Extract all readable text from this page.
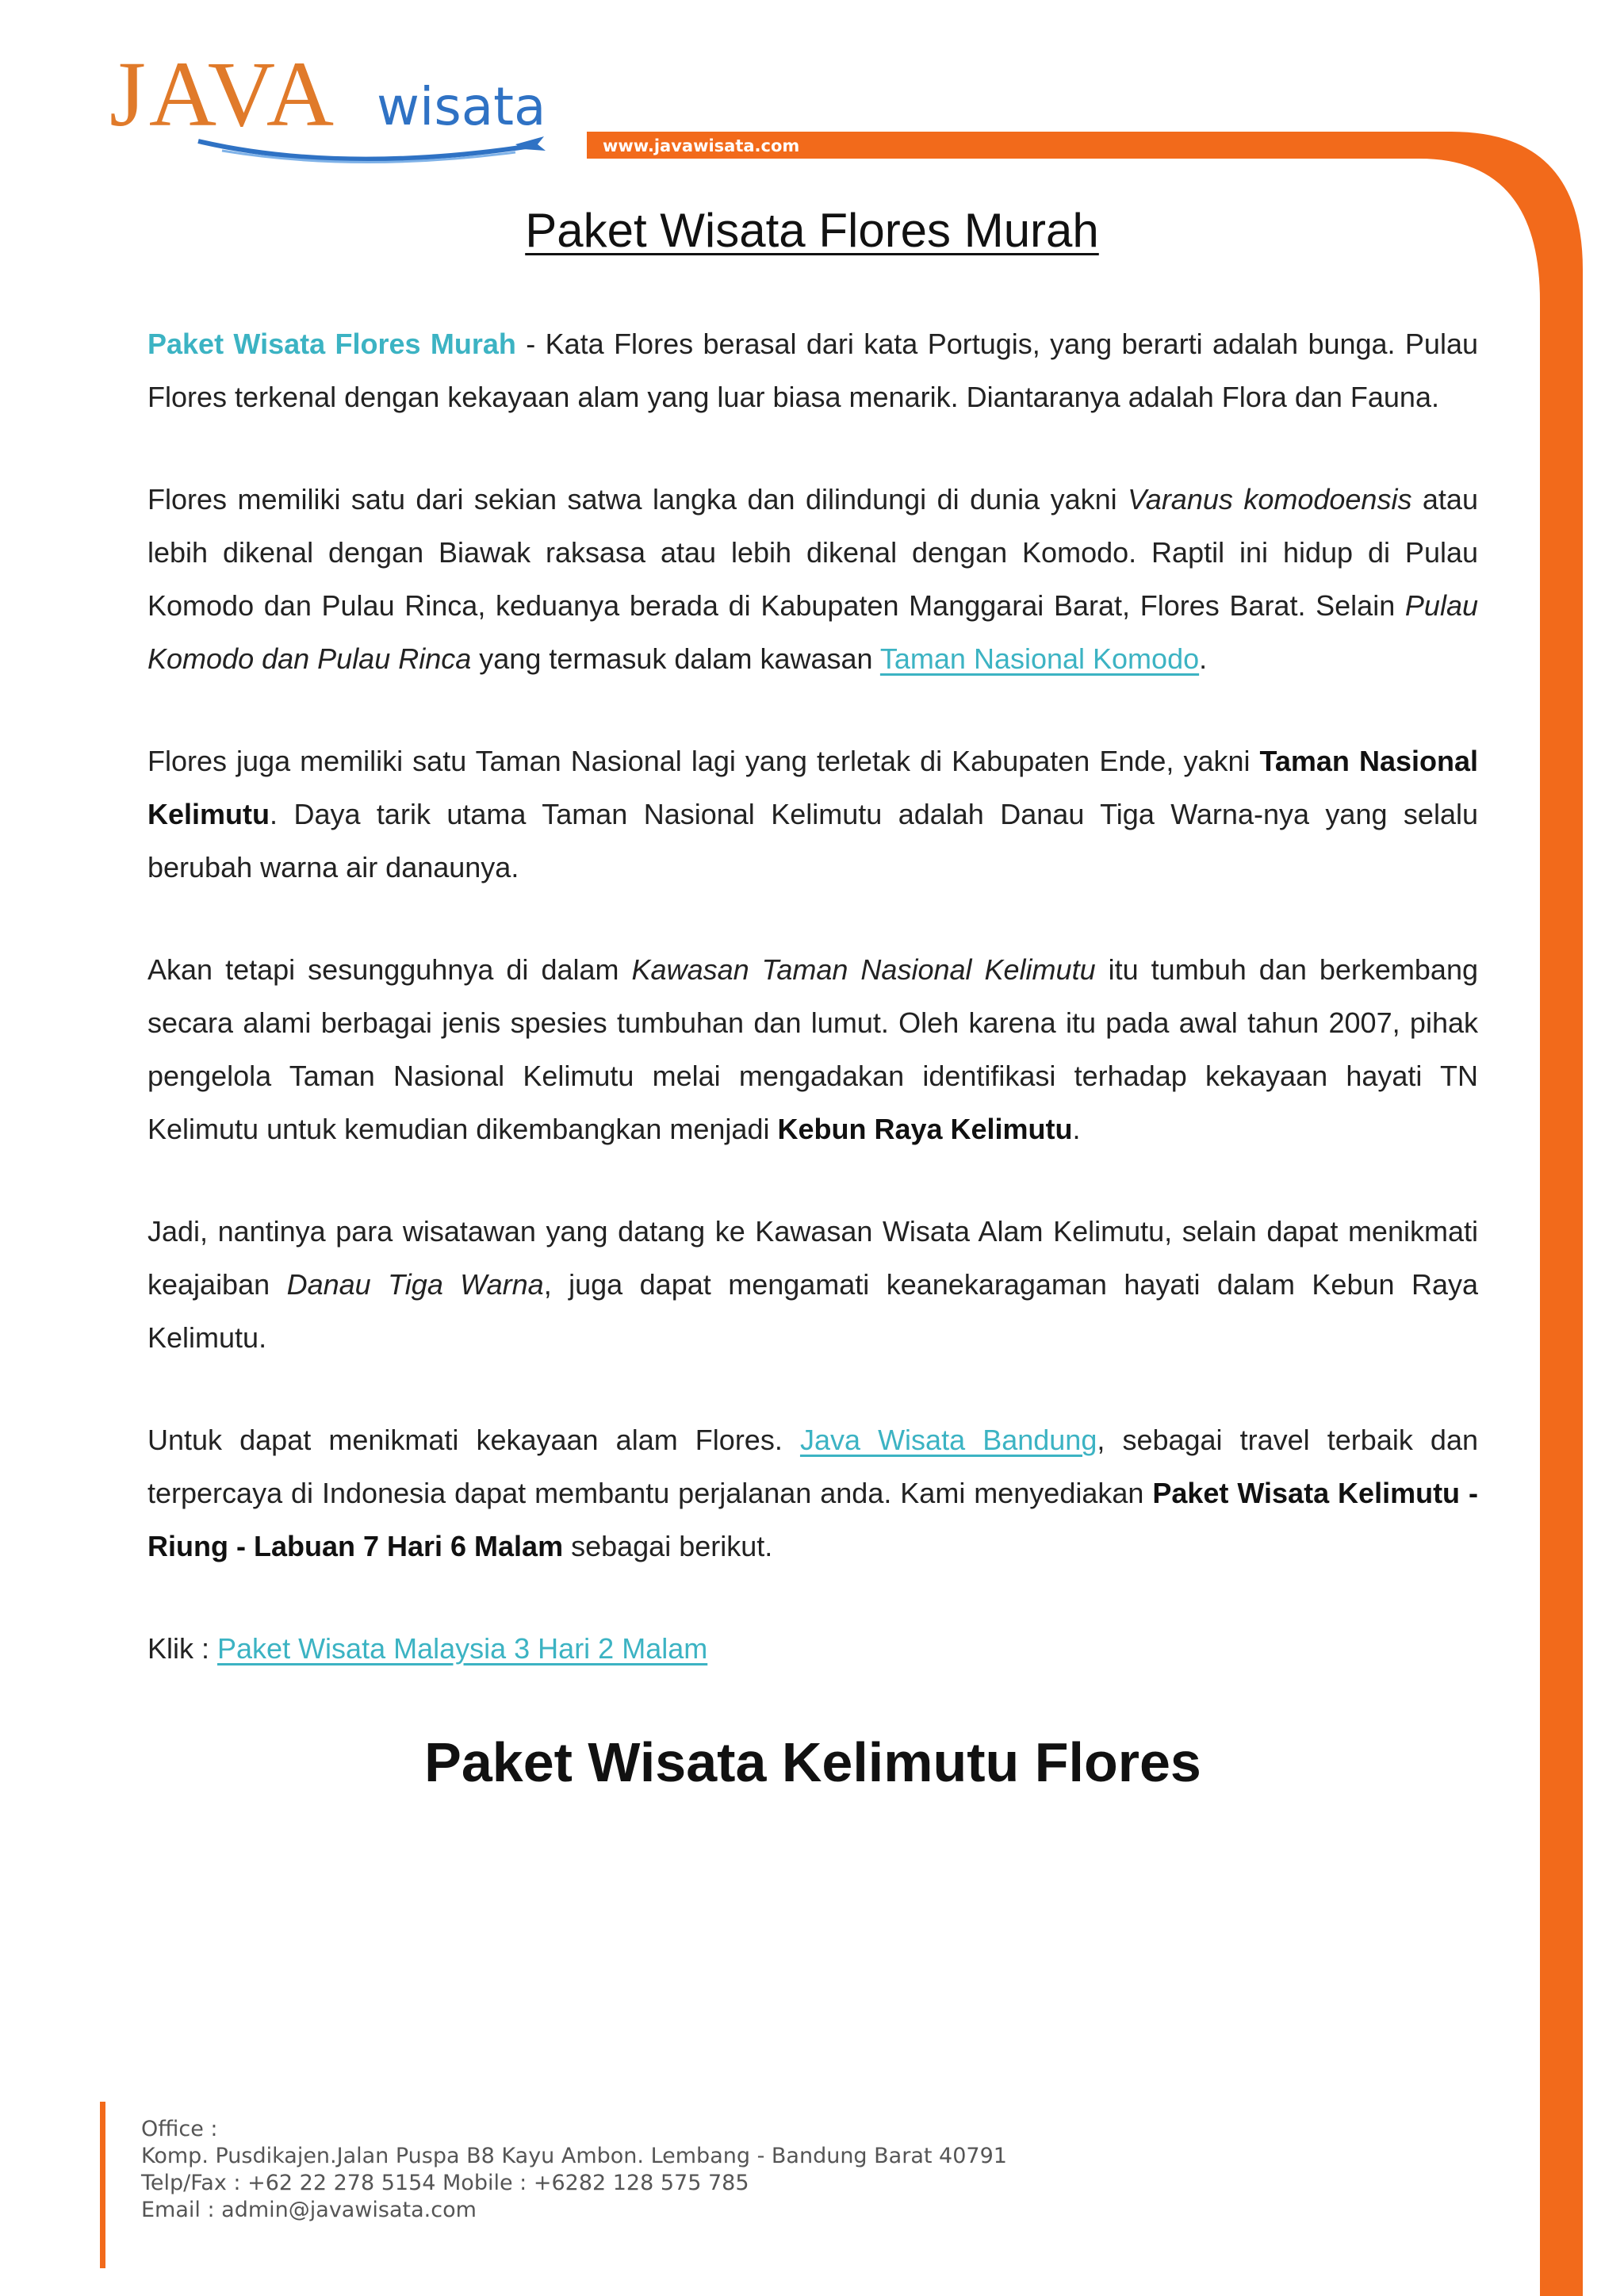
JAVA wisata
www.javawisata.com
Paket Wisata Flores Murah

Paket Wisata Flores Murah - Kata Flores berasal dari kata Portugis, yang berarti adalah bunga. Pulau Flores terkenal dengan kekayaan alam yang luar biasa menarik. Diantaranya adalah Flora dan Fauna.

Flores memiliki satu dari sekian satwa langka dan dilindungi di dunia yakni Varanus komodoensis atau lebih dikenal dengan Biawak raksasa atau lebih dikenal dengan Komodo. Raptil ini hidup di Pulau Komodo dan Pulau Rinca, keduanya berada di Kabupaten Manggarai Barat, Flores Barat. Selain Pulau Komodo dan Pulau Rinca yang termasuk dalam kawasan Taman Nasional Komodo.

Flores juga memiliki satu Taman Nasional lagi yang terletak di Kabupaten Ende, yakni Taman Nasional Kelimutu. Daya tarik utama Taman Nasional Kelimutu adalah Danau Tiga Warna-nya yang selalu berubah warna air danaunya.

Akan tetapi sesungguhnya di dalam Kawasan Taman Nasional Kelimutu itu tumbuh dan berkembang secara alami berbagai jenis spesies tumbuhan dan lumut. Oleh karena itu pada awal tahun 2007, pihak pengelola Taman Nasional Kelimutu melai mengadakan identifikasi terhadap kekayaan hayati TN Kelimutu untuk kemudian dikembangkan menjadi Kebun Raya Kelimutu.

Jadi, nantinya para wisatawan yang datang ke Kawasan Wisata Alam Kelimutu, selain dapat menikmati keajaiban Danau Tiga Warna, juga dapat mengamati keanekaragaman hayati dalam Kebun Raya Kelimutu.

Untuk dapat menikmati kekayaan alam Flores. Java Wisata Bandung, sebagai travel terbaik dan terpercaya di Indonesia dapat membantu perjalanan anda. Kami menyediakan Paket Wisata Kelimutu - Riung - Labuan 7 Hari 6 Malam sebagai berikut.

Klik : Paket Wisata Malaysia 3 Hari 2 Malam

Paket Wisata Kelimutu Flores
Office :
Komp. Pusdikajen.Jalan Puspa B8 Kayu Ambon. Lembang - Bandung Barat 40791
Telp/Fax : +62 22 278 5154 Mobile : +6282 128 575 785
Email : admin@javawisata.com
